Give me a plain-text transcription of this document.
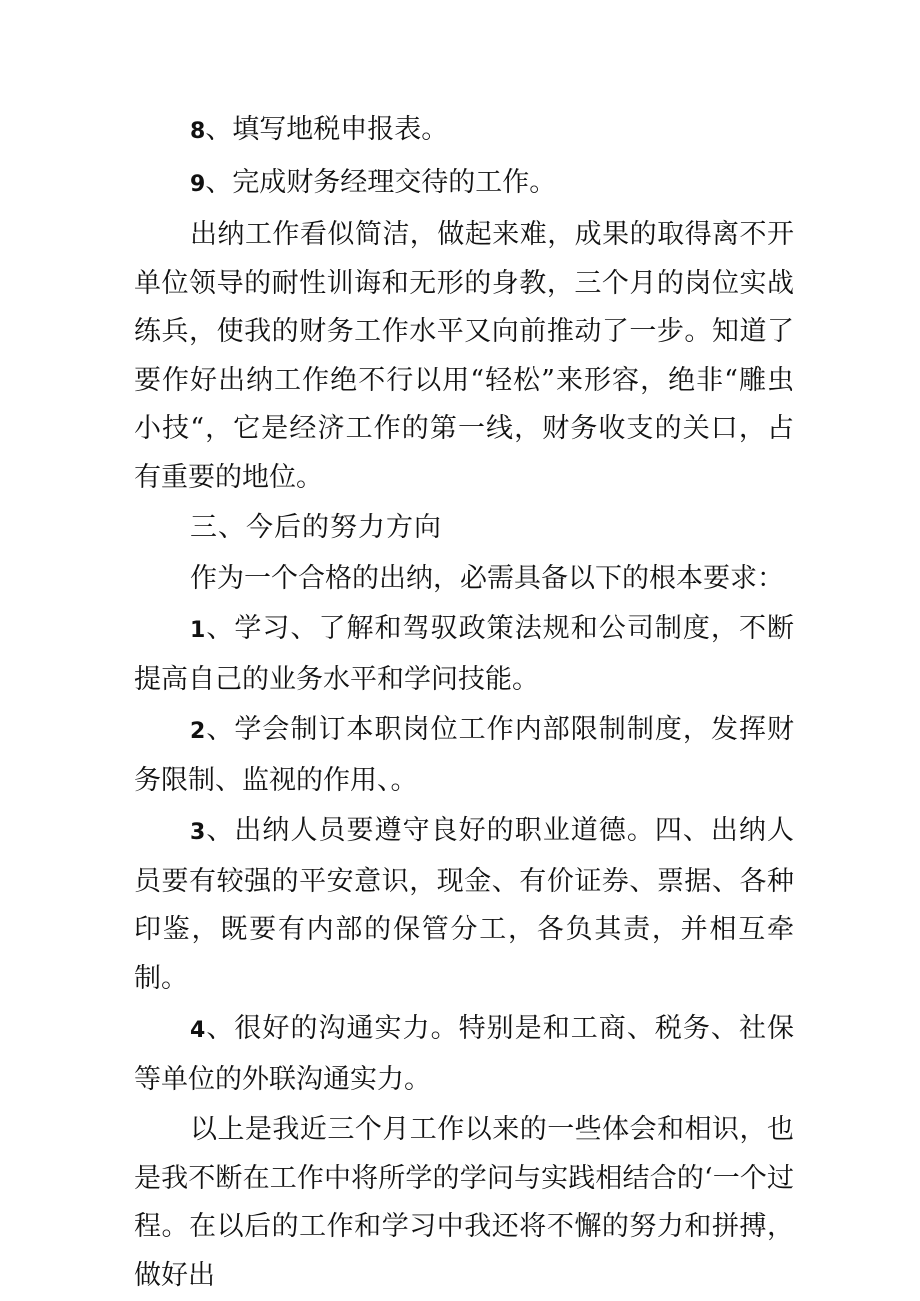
8、填写地税申报表。

9、完成财务经理交待的工作。

出纳工作看似简洁，做起来难，成果的取得离不开单位领导的耐性训诲和无形的身教，三个月的岗位实战练兵，使我的财务工作水平又向前推动了一步。知道了要作好出纳工作绝不行以用“轻松”来形容，绝非“雕虫小技“，它是经济工作的第一线，财务收支的关口，占有重要的地位。

三、今后的努力方向

作为一个合格的出纳，必需具备以下的根本要求：

1、学习、了解和驾驭政策法规和公司制度，不断提高自己的业务水平和学问技能。

2、学会制订本职岗位工作内部限制制度，发挥财务限制、监视的作用、。

3、出纳人员要遵守良好的职业道德。四、出纳人员要有较强的平安意识，现金、有价证券、票据、各种印鉴，既要有内部的保管分工，各负其责，并相互牵制。

4、很好的沟通实力。特别是和工商、税务、社保等单位的外联沟通实力。

以上是我近三个月工作以来的一些体会和相识，也是我不断在工作中将所学的学问与实践相结合的‘一个过程。在以后的工作和学习中我还将不懈的努力和拼搏，做好出
